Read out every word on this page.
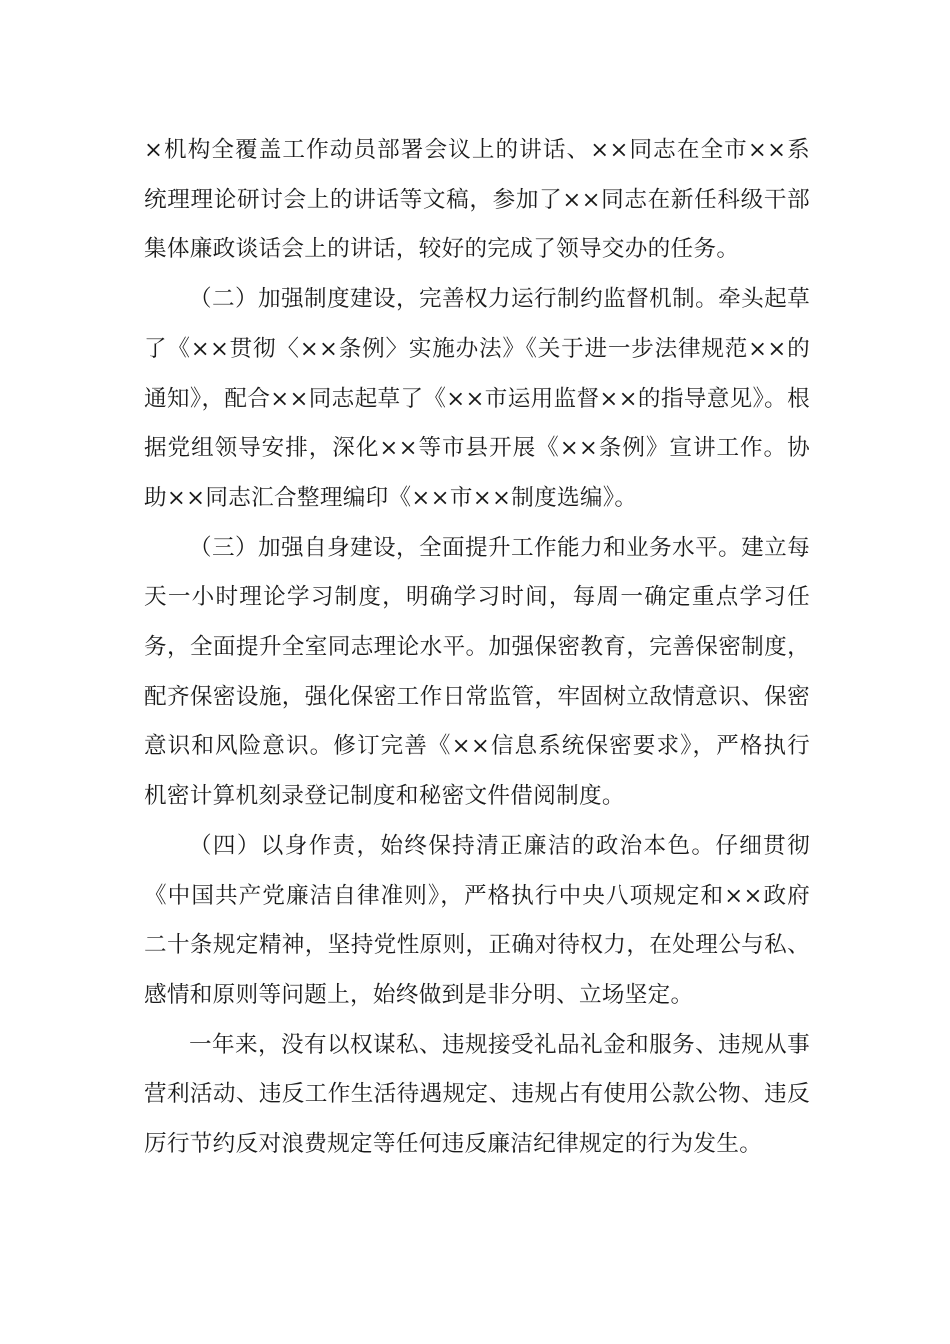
×机构全覆盖工作动员部署会议上的讲话、××同志在全市××系统理理论研讨会上的讲话等文稿，参加了××同志在新任科级干部集体廉政谈话会上的讲话，较好的完成了领导交办的任务。

（二）加强制度建设，完善权力运行制约监督机制。牵头起草了《××贯彻〈××条例〉实施办法》《关于进一步法律规范××的通知》，配合××同志起草了《××市运用监督××的指导意见》。根据党组领导安排，深化××等市县开展《××条例》宣讲工作。协助××同志汇合整理编印《××市××制度选编》。

（三）加强自身建设，全面提升工作能力和业务水平。建立每天一小时理论学习制度，明确学习时间，每周一确定重点学习任务，全面提升全室同志理论水平。加强保密教育，完善保密制度，配齐保密设施，强化保密工作日常监管，牢固树立敌情意识、保密意识和风险意识。修订完善《××信息系统保密要求》，严格执行机密计算机刻录登记制度和秘密文件借阅制度。

（四）以身作责，始终保持清正廉洁的政治本色。仔细贯彻《中国共产党廉洁自律准则》，严格执行中央八项规定和××政府二十条规定精神，坚持党性原则，正确对待权力，在处理公与私、感情和原则等问题上，始终做到是非分明、立场坚定。

一年来，没有以权谋私、违规接受礼品礼金和服务、违规从事营利活动、违反工作生活待遇规定、违规占有使用公款公物、违反厉行节约反对浪费规定等任何违反廉洁纪律规定的行为发生。
